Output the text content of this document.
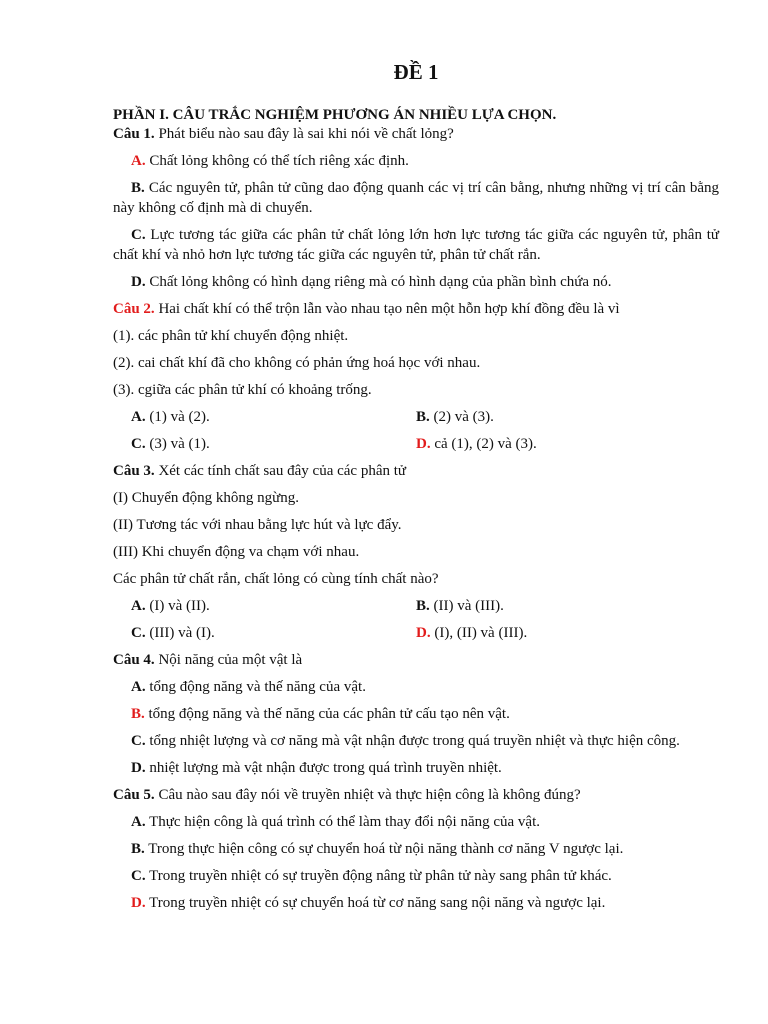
ĐỀ 1
PHẦN I. CÂU TRẮC NGHIỆM PHƯƠNG ÁN NHIỀU LỰA CHỌN.
Câu 1. Phát biểu nào sau đây là sai khi nói về chất lỏng?
A. Chất lỏng không có thể tích riêng xác định.
B. Các nguyên tử, phân tử cũng dao động quanh các vị trí cân bằng, nhưng những vị trí cân bằng này không cố định mà di chuyển.
C. Lực tương tác giữa các phân tử chất lỏng lớn hơn lực tương tác giữa các nguyên tử, phân tử chất khí và nhỏ hơn lực tương tác giữa các nguyên tử, phân tử chất rắn.
D. Chất lỏng không có hình dạng riêng mà có hình dạng của phần bình chứa nó.
Câu 2. Hai chất khí có thể trộn lẫn vào nhau tạo nên một hỗn hợp khí đồng đều là vì
(1). các phân tử khí chuyển động nhiệt.
(2). cai chất khí đã cho không có phản ứng hoá học với nhau.
(3). cgiữa các phân tử khí có khoảng trống.
A. (1) và (2).	B. (2) và (3).
C. (3) và (1).	D. cả (1), (2) và (3).
Câu 3. Xét các tính chất sau đây của các phân tử
(I) Chuyển động không ngừng.
(II) Tương tác với nhau bằng lực hút và lực đẩy.
(III) Khi chuyển động va chạm với nhau.
Các phân tử chất rắn, chất lỏng có cùng tính chất nào?
A. (I) và (II).	B. (II) và (III).
C. (III) và (I).	D. (I), (II) và (III).
Câu 4. Nội năng của một vật là
A. tổng động năng và thế năng của vật.
B. tổng động năng và thế năng của các phân tử cấu tạo nên vật.
C. tổng nhiệt lượng và cơ năng mà vật nhận được trong quá truyền nhiệt và thực hiện công.
D. nhiệt lượng mà vật nhận được trong quá trình truyền nhiệt.
Câu 5. Câu nào sau đây nói về truyền nhiệt và thực hiện công là không đúng?
A. Thực hiện công là quá trình có thể làm thay đổi nội năng của vật.
B. Trong thực hiện công có sự chuyển hoá từ nội năng thành cơ năng V ngược lại.
C. Trong truyền nhiệt có sự truyền động nâng từ phân tử này sang phân tử khác.
D. Trong truyền nhiệt có sự chuyển hoá từ cơ năng sang nội năng và ngược lại.
